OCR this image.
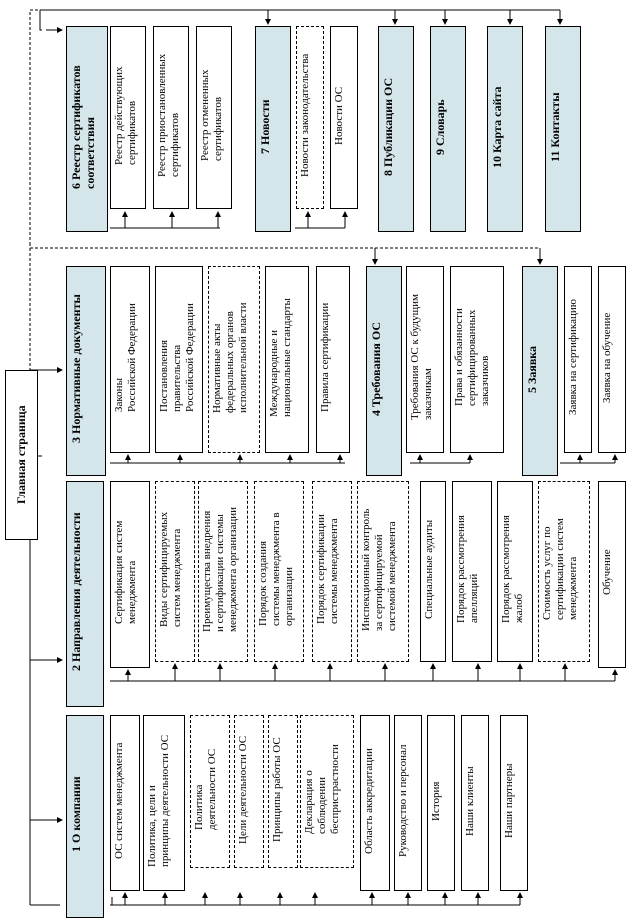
Главная страница
6 Реестр сертификатов
соответствия Реестр действующих
сертификатов Реестр приостановленных
сертификатов Реестр отмененных
сертификатов	7 Новости Новости законодательства Новости ОС	8 Публикации ОС	9 Словарь	10 Карта сайта	11 Контакты
3 Нормативные документы	Законы
Российской Федерации
Постановления
правительства
Российской Федерации
Нормативные акты
федеральных органов
исполнительной власти
Международные и
национальные стандарты Правила сертификации	4 Требования ОС Требования ОС к будущим
заказчикам Права и обязанности
сертифицированных
заказчиков	5 Заявка	Заявка на сертификацию Заявка на обучение
2 Направления деятельности	Сертификация систем
менеджмента Виды сертифицируемых
систем менеджмента
Преимущества внедрения
и сертификации системы
менеджмента организации
Порядок создания
системы менеджмента в
организации Порядок сертификации
системы менеджмента
Инспекционный контроль
за сертифицируемой
системой менеджмента Специальные аудиты Порядок рассмотрения
апелляций Порядок рассмотрения
жалоб Стоимость услуг по
сертификации систем
менеджмента Обучение
1 О компании	ОС систем менеджмента Политика, цели и
принципы деятельности ОС
Политика
деятельности ОС Цели деятельности ОС Принципы работы ОС Декларация о
соблюдении
беспристрастности Область аккредитации Руководство и персонал История Наши клиенты Наши партнеры
